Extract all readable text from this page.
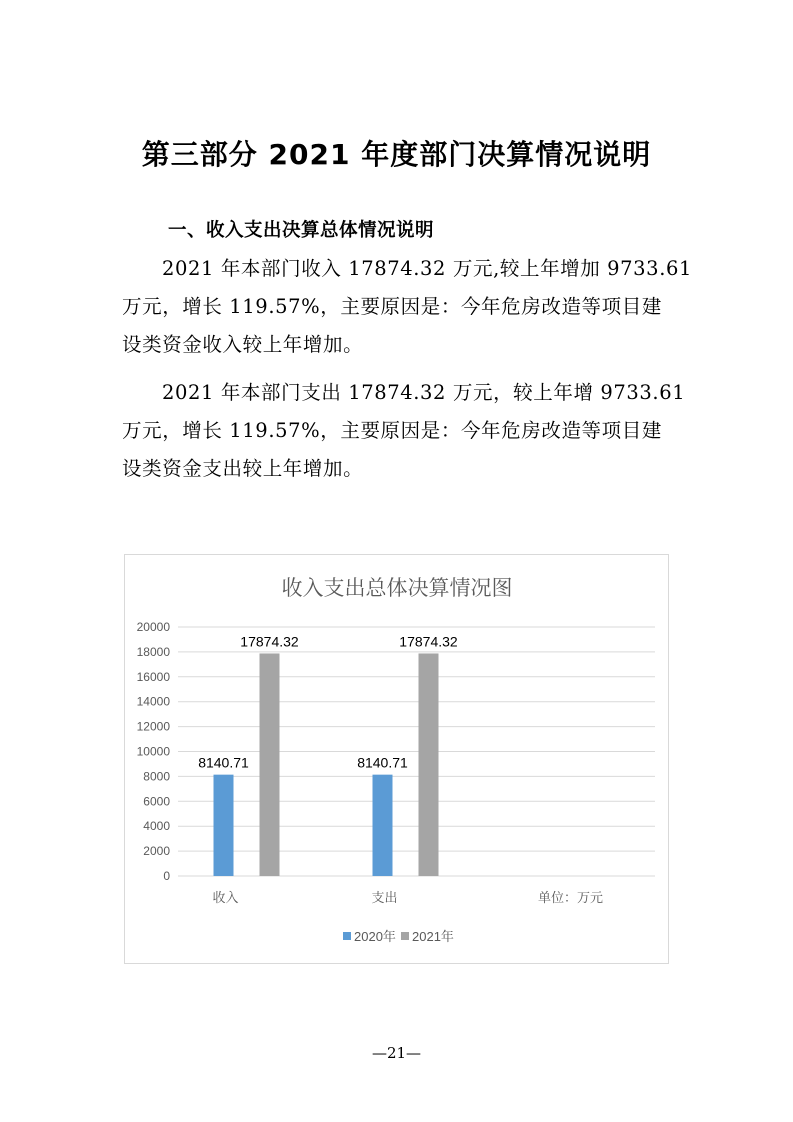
第三部分 2021 年度部门决算情况说明
一、收入支出决算总体情况说明
2021 年本部门收入 17874.32 万元,较上年增加 9733.61
万元，增长 119.57%，主要原因是：今年危房改造等项目建
设类资金收入较上年增加。
2021 年本部门支出 17874.32 万元，较上年增 9733.61
万元，增长 119.57%，主要原因是：今年危房改造等项目建
设类资金支出较上年增加。
收入支出总体决算情况图
0
2000
4000
6000
8000
10000
12000
14000
16000
18000
20000
8140.71
17874.32
收入
8140.71
17874.32
支出	单位：万元
2020年 2021年
—21—
